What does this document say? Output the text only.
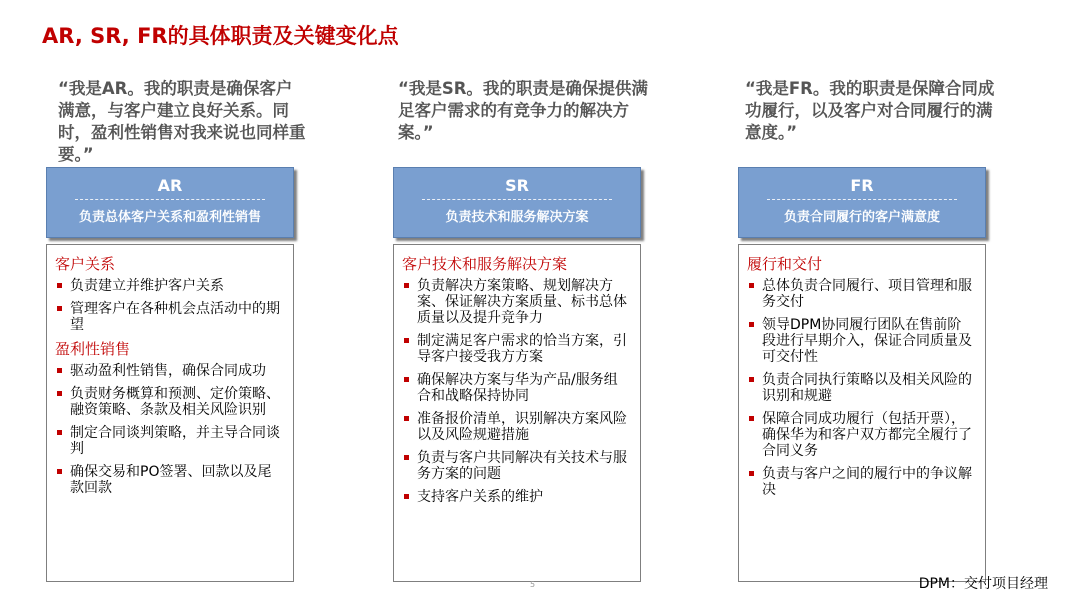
AR, SR, FR的具体职责及关键变化点
“我是AR。我的职责是确保客户满意，与客户建立良好关系。同时，盈利性销售对我来说也同样重要。”
AR
负责总体客户关系和盈利性销售
客户关系
负责建立并维护客户关系
管理客户在各种机会点活动中的期望
盈利性销售
驱动盈利性销售，确保合同成功
负责财务概算和预测、定价策略、融资策略、条款及相关风险识别
制定合同谈判策略，并主导合同谈判
确保交易和PO签署、回款以及尾款回款
“我是SR。我的职责是确保提供满足客户需求的有竞争力的解决方案。”
SR
负责技术和服务解决方案
客户技术和服务解决方案
负责解决方案策略、规划解决方案、保证解决方案质量、标书总体质量以及提升竞争力
制定满足客户需求的恰当方案，引导客户接受我方方案
确保解决方案与华为产品/服务组合和战略保持协同
准备报价清单，识别解决方案风险以及风险规避措施
负责与客户共同解决有关技术与服务方案的问题
支持客户关系的维护
“我是FR。我的职责是保障合同成功履行，以及客户对合同履行的满意度。”
FR
负责合同履行的客户满意度
履行和交付
总体负责合同履行、项目管理和服务交付
领导DPM协同履行团队在售前阶段进行早期介入，保证合同质量及可交付性
负责合同执行策略以及相关风险的识别和规避
保障合同成功履行（包括开票），确保华为和客户双方都完全履行了合同义务
负责与客户之间的履行中的争议解决
5	DPM：交付项目经理
